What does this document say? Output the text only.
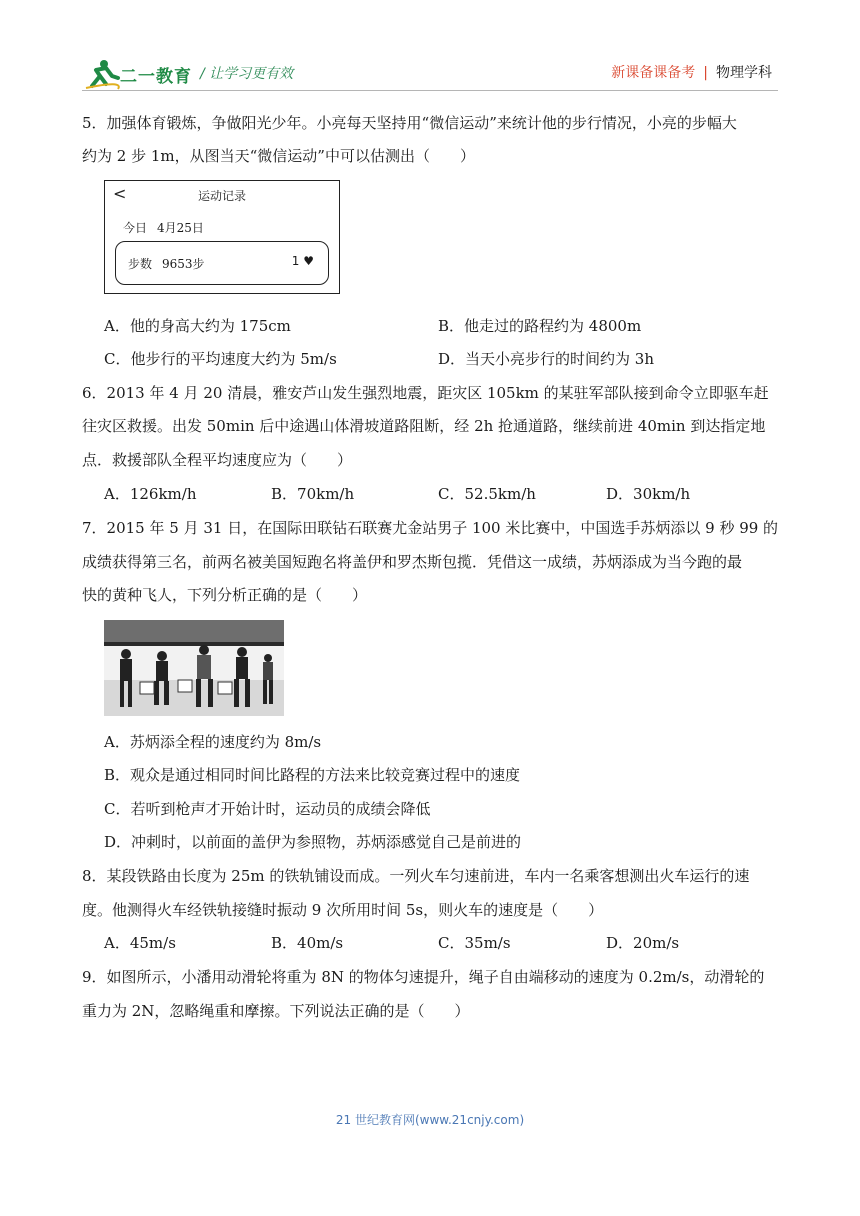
二一教育 / 让学习更有效	新课备课备考 | 物理学科
5．加强体育锻炼，争做阳光少年。小亮每天坚持用“微信运动”来统计他的步行情况，小亮的步幅大
约为 2 步 1m，从图当天“微信运动”中可以估测出（　　）
<	运动记录
今日 4月25日
步数 9653步	1 ♥
A．他的身高大约为 175cm	B．他走过的路程约为 4800m
C．他步行的平均速度大约为 5m/s	D．当天小亮步行的时间约为 3h
6．2013 年 4 月 20 清晨，雅安芦山发生强烈地震，距灾区 105km 的某驻军部队接到命令立即驱车赶
往灾区救援。出发 50min 后中途遇山体滑坡道路阻断，经 2h 抢通道路，继续前进 40min 到达指定地
点．救援部队全程平均速度应为（　　）
A．126km/h	B．70km/h	C．52.5km/h	D．30km/h
7．2015 年 5 月 31 日，在国际田联钻石联赛尤金站男子 100 米比赛中，中国选手苏炳添以 9 秒 99 的
成绩获得第三名，前两名被美国短跑名将盖伊和罗杰斯包揽．凭借这一成绩，苏炳添成为当今跑的最
快的黄种飞人，下列分析正确的是（　　）
A．苏炳添全程的速度约为 8m/s
B．观众是通过相同时间比路程的方法来比较竞赛过程中的速度
C．若听到枪声才开始计时，运动员的成绩会降低
D．冲刺时，以前面的盖伊为参照物，苏炳添感觉自己是前进的
8．某段铁路由长度为 25m 的铁轨铺设而成。一列火车匀速前进，车内一名乘客想测出火车运行的速
度。他测得火车经铁轨接缝时振动 9 次所用时间 5s，则火车的速度是（　　）
A．45m/s	B．40m/s	C．35m/s	D．20m/s
9．如图所示，小潘用动滑轮将重为 8N 的物体匀速提升，绳子自由端移动的速度为 0.2m/s，动滑轮的
重力为 2N，忽略绳重和摩擦。下列说法正确的是（　　）
21 世纪教育网(www.21cnjy.com)
